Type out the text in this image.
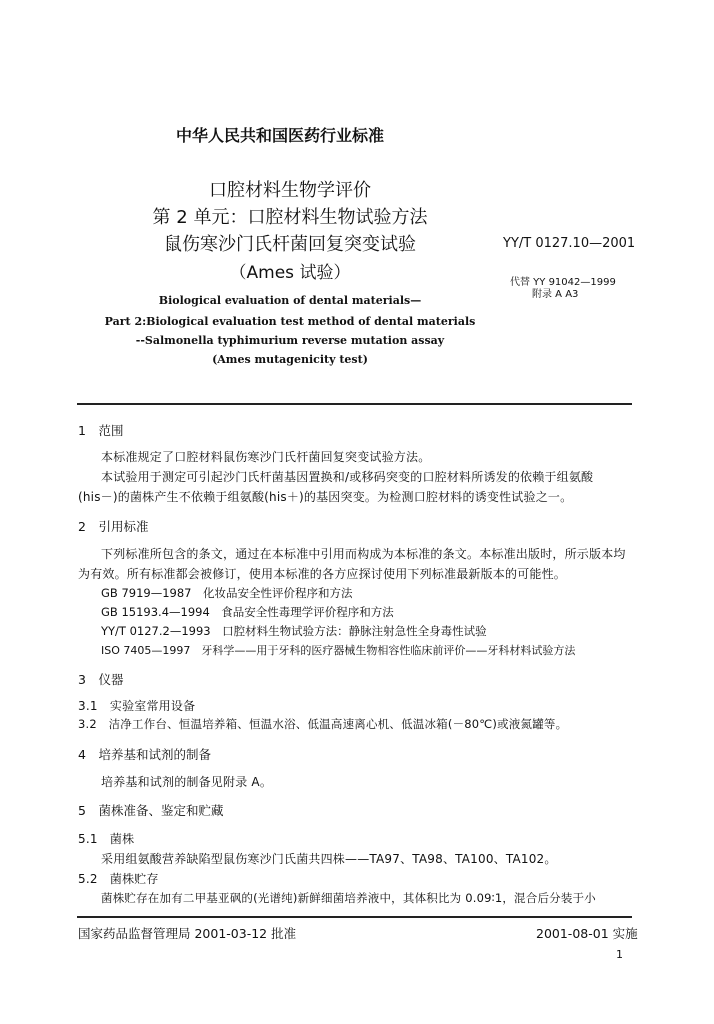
中华人民共和国医药行业标准
口腔材料生物学评价
第 2 单元：口腔材料生物试验方法
鼠伤寒沙门氏杆菌回复突变试验
（Ames 试验）
YY/T 0127.10—2001
代替 YY 91042—1999
附录 A A3
Biological evaluation of dental materials—
Part 2:Biological evaluation test method of dental materials
--Salmonella typhimurium reverse mutation assay
(Ames mutagenicity test)
1　范围
本标准规定了口腔材料鼠伤寒沙门氏杆菌回复突变试验方法。
本试验用于测定可引起沙门氏杆菌基因置换和/或移码突变的口腔材料所诱发的依赖于组氨酸
(his－)的菌株产生不依赖于组氨酸(his＋)的基因突变。为检测口腔材料的诱变性试验之一。
2　引用标准
下列标准所包含的条文，通过在本标准中引用而构成为本标准的条文。本标准出版时，所示版本均
为有效。所有标准都会被修订，使用本标准的各方应探讨使用下列标准最新版本的可能性。
GB 7919—1987　化妆品安全性评价程序和方法
GB 15193.4—1994　食品安全性毒理学评价程序和方法
YY/T 0127.2—1993　口腔材料生物试验方法：静脉注射急性全身毒性试验
ISO 7405—1997　牙科学——用于牙科的医疗器械生物相容性临床前评价——牙科材料试验方法
3　仪器
3.1　实验室常用设备
3.2　洁净工作台、恒温培养箱、恒温水浴、低温高速离心机、低温冰箱(－80℃)或液氮罐等。
4　培养基和试剂的制备
培养基和试剂的制备见附录 A。
5　菌株准备、鉴定和贮藏
5.1　菌株
采用组氨酸营养缺陷型鼠伤寒沙门氏菌共四株——TA97、TA98、TA100、TA102。
5.2　菌株贮存
菌株贮存在加有二甲基亚砜的(光谱纯)新鲜细菌培养液中，其体积比为 0.09∶1，混合后分装于小
国家药品监督管理局 2001-03-12 批准	2001-08-01 实施
1
